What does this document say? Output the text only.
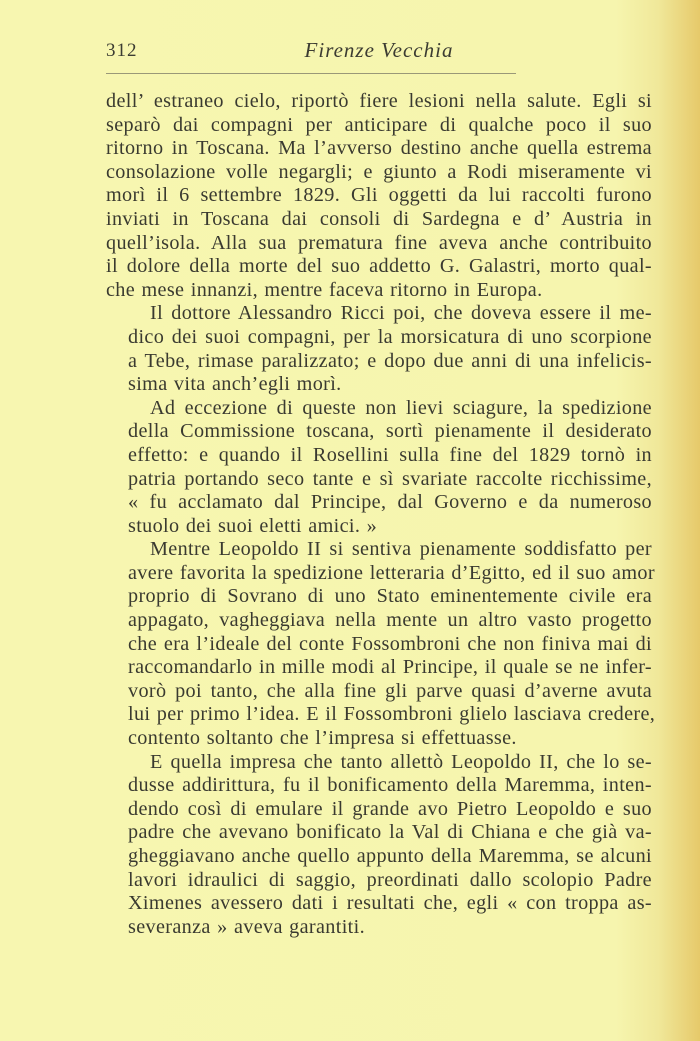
312	Firenze Vecchia
dell’ estraneo cielo, riportò fiere lesioni nella salute. Egli si
separò dai compagni per anticipare di qualche poco il suo
ritorno in Toscana. Ma l’avverso destino anche quella estrema
consolazione volle negargli; e giunto a Rodi miseramente vi
morì il 6 settembre 1829. Gli oggetti da lui raccolti furono
inviati in Toscana dai consoli di Sardegna e d’ Austria in
quell’isola. Alla sua prematura fine aveva anche contribuito
il dolore della morte del suo addetto G. Galastri, morto qual-
che mese innanzi, mentre faceva ritorno in Europa.
Il dottore Alessandro Ricci poi, che doveva essere il me-
dico dei suoi compagni, per la morsicatura di uno scorpione
a Tebe, rimase paralizzato; e dopo due anni di una infelicis-
sima vita anch’egli morì.
Ad eccezione di queste non lievi sciagure, la spedizione
della Commissione toscana, sortì pienamente il desiderato
effetto: e quando il Rosellini sulla fine del 1829 tornò in
patria portando seco tante e sì svariate raccolte ricchissime,
« fu acclamato dal Principe, dal Governo e da numeroso
stuolo dei suoi eletti amici. »
Mentre Leopoldo II si sentiva pienamente soddisfatto per
avere favorita la spedizione letteraria d’Egitto, ed il suo amor
proprio di Sovrano di uno Stato eminentemente civile era
appagato, vagheggiava nella mente un altro vasto progetto
che era l’ideale del conte Fossombroni che non finiva mai di
raccomandarlo in mille modi al Principe, il quale se ne infer-
vorò poi tanto, che alla fine gli parve quasi d’averne avuta
lui per primo l’idea. E il Fossombroni glielo lasciava credere,
contento soltanto che l’impresa si effettuasse.
E quella impresa che tanto allettò Leopoldo II, che lo se-
dusse addirittura, fu il bonificamento della Maremma, inten-
dendo così di emulare il grande avo Pietro Leopoldo e suo
padre che avevano bonificato la Val di Chiana e che già va-
gheggiavano anche quello appunto della Maremma, se alcuni
lavori idraulici di saggio, preordinati dallo scolopio Padre
Ximenes avessero dati i resultati che, egli « con troppa as-
severanza » aveva garantiti.
